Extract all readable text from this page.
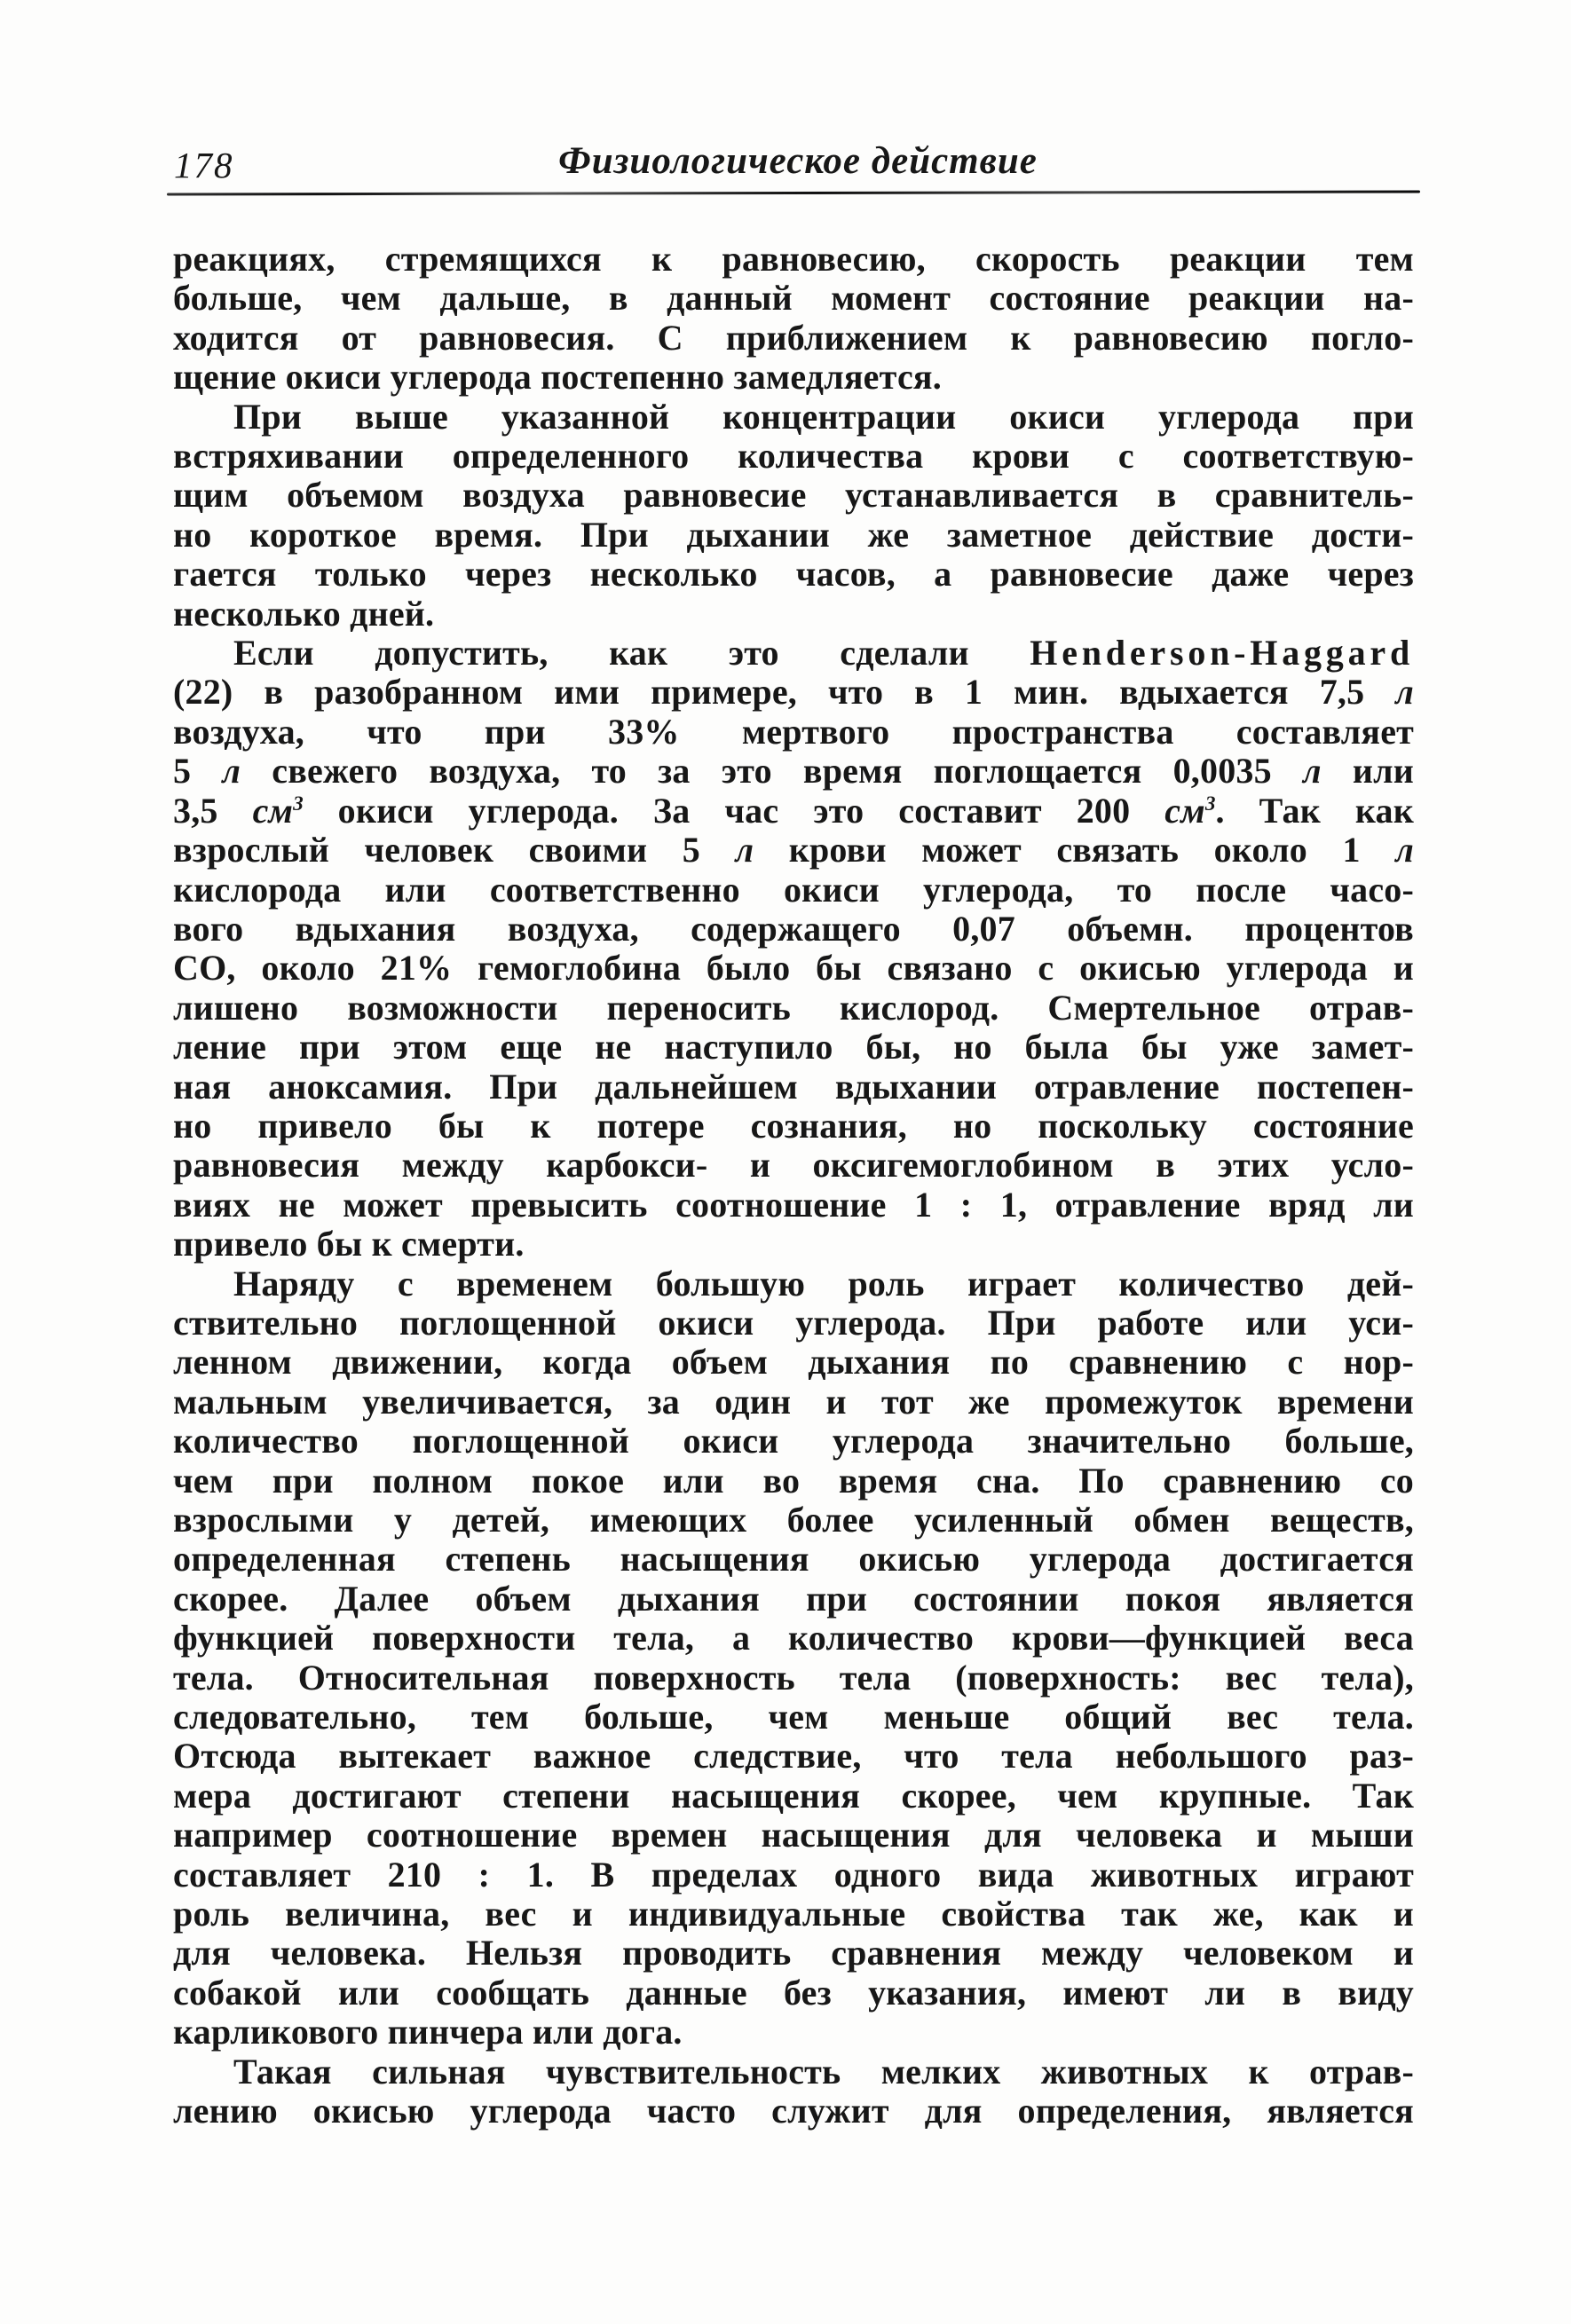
178	Физиологическое действие
реакциях, стремящихся к равновесию, скорость реакции тем
больше, чем дальше, в данный момент состояние реакции на-
ходится от равновесия. С приближением к равновесию погло-
щение окиси углерода постепенно замедляется.
При выше указанной концентрации окиси углерода при
встряхивании определенного количества крови с соответствую-
щим объемом воздуха равновесие устанавливается в сравнитель-
но короткое время. При дыхании же заметное действие дости-
гается только через несколько часов, а равновесие даже через
несколько дней.
Если допустить, как это сделали Henderson-Haggard
(22) в разобранном ими примере, что в 1 мин. вдыхается 7,5 л
воздуха, что при 33% мертвого пространства составляет
5 л свежего воздуха, то за это время поглощается 0,0035 л или
3,5 $см^3$ окиси углерода. За час это составит 200 $см^3$. Так как
взрослый человек своими 5 л крови может связать около 1 л
кислорода или соответственно окиси углерода, то после часо-
вого вдыхания воздуха, содержащего 0,07 объемн. процентов
СО, около 21% гемоглобина было бы связано с окисью углерода и
лишено возможности переносить кислород. Смертельное отрав-
ление при этом еще не наступило бы, но была бы уже замет-
ная аноксамия. При дальнейшем вдыхании отравление постепен-
но привело бы к потере сознания, но поскольку состояние
равновесия между карбокси- и оксигемоглобином в этих усло-
виях не может превысить соотношение 1 : 1, отравление вряд ли
привело бы к смерти.
Наряду с временем большую роль играет количество дей-
ствительно поглощенной окиси углерода. При работе или уси-
ленном движении, когда объем дыхания по сравнению с нор-
мальным увеличивается, за один и тот же промежуток времени
количество поглощенной окиси углерода значительно больше,
чем при полном покое или во время сна. По сравнению со
взрослыми у детей, имеющих более усиленный обмен веществ,
определенная степень насыщения окисью углерода достигается
скорее. Далее объем дыхания при состоянии покоя является
функцией поверхности тела, а количество крови—функцией веса
тела. Относительная поверхность тела (поверхность: вес тела),
следовательно, тем больше, чем меньше общий вес тела.
Отсюда вытекает важное следствие, что тела небольшого раз-
мера достигают степени насыщения скорее, чем крупные. Так
например соотношение времен насыщения для человека и мыши
составляет 210 : 1. В пределах одного вида животных играют
роль величина, вес и индивидуальные свойства так же, как и
для человека. Нельзя проводить сравнения между человеком и
собакой или сообщать данные без указания, имеют ли в виду
карликового пинчера или дога.
Такая сильная чувствительность мелких животных к отрав-
лению окисью углерода часто служит для определения, является
